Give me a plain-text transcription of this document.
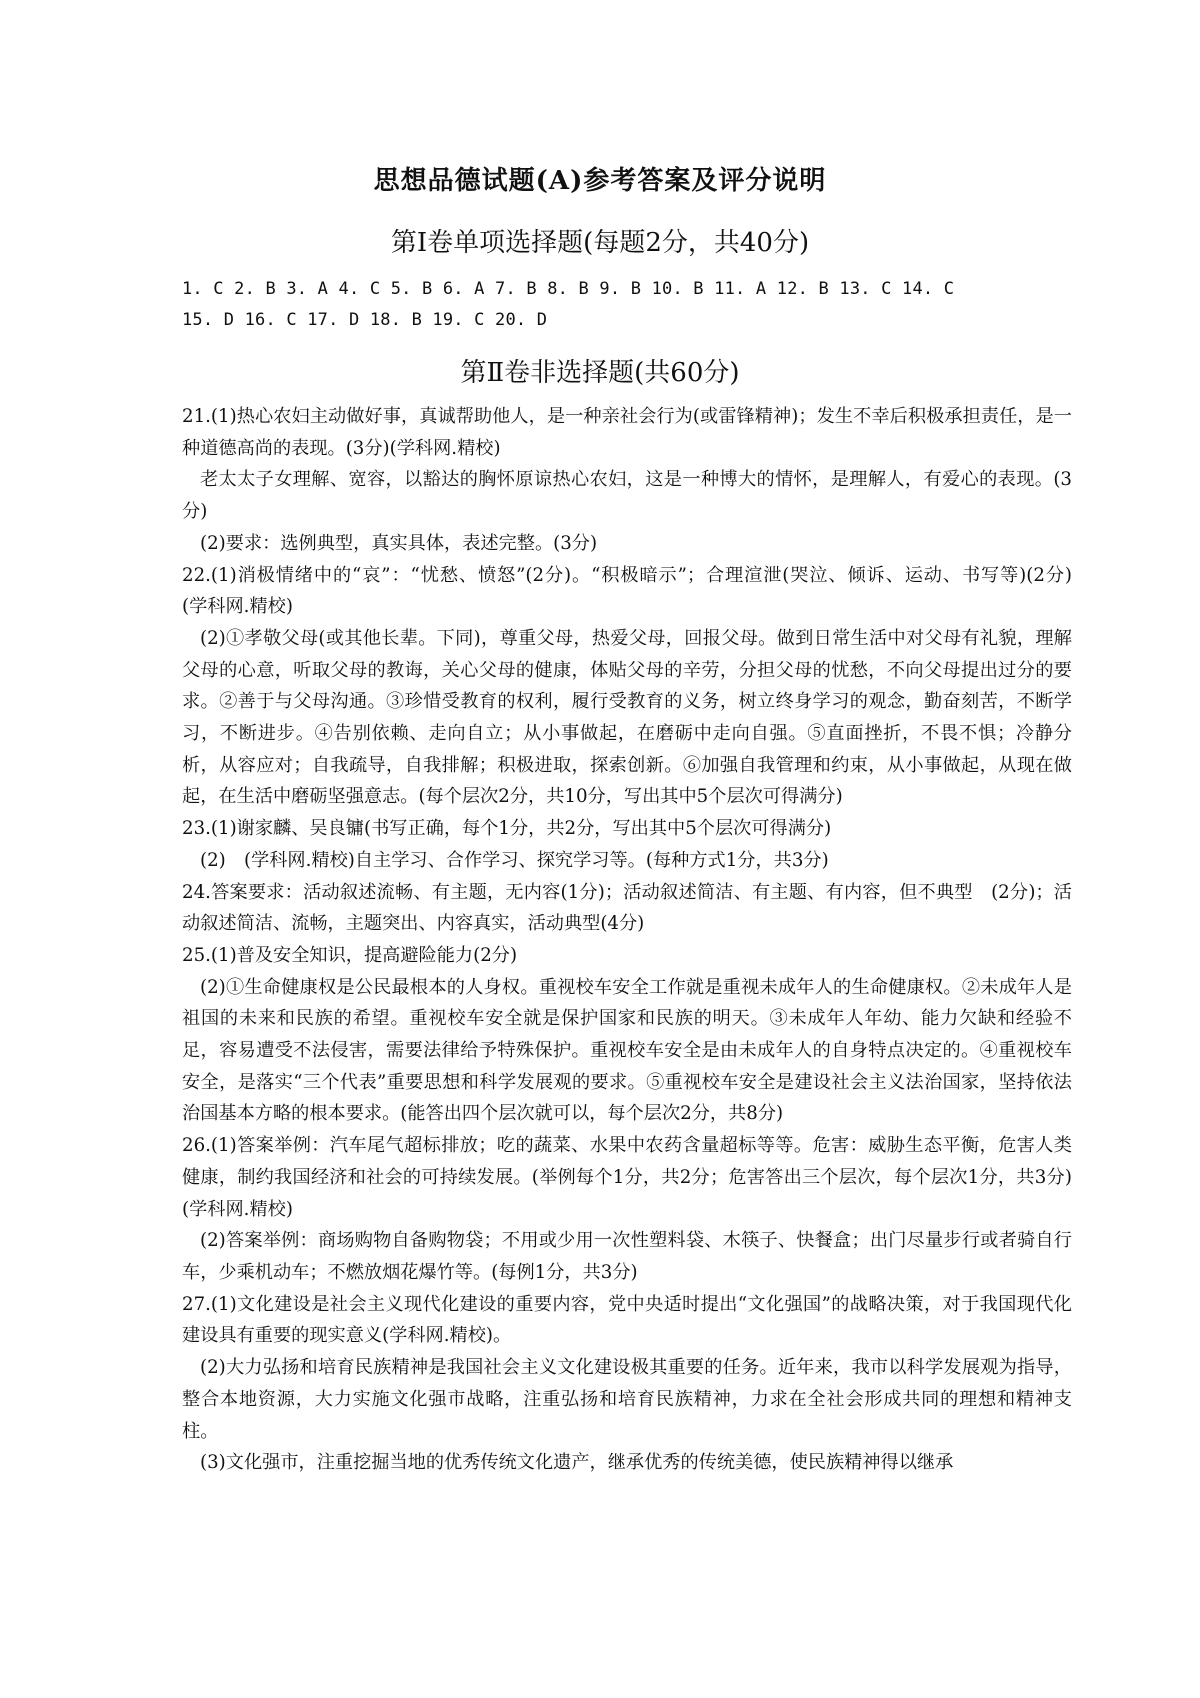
思想品德试题(A)参考答案及评分说明
第Ⅰ卷单项选择题(每题2分，共40分)
1. C 2. B 3. A 4. C 5. B 6. A 7. B 8. B 9. B 10. B 11. A 12. B 13. C 14. C
15. D 16. C 17. D 18. B 19. C 20. D
第Ⅱ卷非选择题(共60分)

21.(1)热心农妇主动做好事，真诚帮助他人，是一种亲社会行为(或雷锋精神)；发生不幸后积极承担责任，是一种道德高尚的表现。(3分)(学科网.精校)

老太太子女理解、宽容，以豁达的胸怀原谅热心农妇，这是一种博大的情怀，是理解人，有爱心的表现。(3分)

(2)要求：选例典型，真实具体，表述完整。(3分)

22.(1)消极情绪中的“哀”：“忧愁、愤怒”(2分)。“积极暗示”；合理渲泄(哭泣、倾诉、运动、书写等)(2分)　(学科网.精校)

(2)①孝敬父母(或其他长辈。下同)，尊重父母，热爱父母，回报父母。做到日常生活中对父母有礼貌，理解父母的心意，听取父母的教诲，关心父母的健康，体贴父母的辛劳，分担父母的忧愁，不向父母提出过分的要求。②善于与父母沟通。③珍惜受教育的权利，履行受教育的义务，树立终身学习的观念，勤奋刻苦，不断学习，不断进步。④告别依赖、走向自立；从小事做起，在磨砺中走向自强。⑤直面挫折，不畏不惧；冷静分析，从容应对；自我疏导，自我排解；积极进取，探索创新。⑥加强自我管理和约束，从小事做起，从现在做起，在生活中磨砺坚强意志。(每个层次2分，共10分，写出其中5个层次可得满分)

23.(1)谢家麟、吴良镛(书写正确，每个1分，共2分，写出其中5个层次可得满分)

(2)　(学科网.精校)自主学习、合作学习、探究学习等。(每种方式1分，共3分)

24.答案要求：活动叙述流畅、有主题，无内容(1分)；活动叙述简洁、有主题、有内容，但不典型　(2分)；活动叙述简洁、流畅，主题突出、内容真实，活动典型(4分)

25.(1)普及安全知识，提高避险能力(2分)

(2)①生命健康权是公民最根本的人身权。重视校车安全工作就是重视未成年人的生命健康权。②未成年人是祖国的未来和民族的希望。重视校车安全就是保护国家和民族的明天。③未成年人年幼、能力欠缺和经验不足，容易遭受不法侵害，需要法律给予特殊保护。重视校车安全是由未成年人的自身特点决定的。④重视校车安全，是落实“三个代表”重要思想和科学发展观的要求。⑤重视校车安全是建设社会主义法治国家，坚持依法治国基本方略的根本要求。(能答出四个层次就可以，每个层次2分，共8分)

26.(1)答案举例：汽车尾气超标排放；吃的蔬菜、水果中农药含量超标等等。危害：威胁生态平衡，危害人类健康，制约我国经济和社会的可持续发展。(举例每个1分，共2分；危害答出三个层次，每个层次1分，共3分)　(学科网.精校)

(2)答案举例：商场购物自备购物袋；不用或少用一次性塑料袋、木筷子、快餐盒；出门尽量步行或者骑自行车，少乘机动车；不燃放烟花爆竹等。(每例1分，共3分)

27.(1)文化建设是社会主义现代化建设的重要内容，党中央适时提出“文化强国”的战略决策，对于我国现代化建设具有重要的现实意义(学科网.精校)。

(2)大力弘扬和培育民族精神是我国社会主义文化建设极其重要的任务。近年来，我市以科学发展观为指导，整合本地资源，大力实施文化强市战略，注重弘扬和培育民族精神，力求在全社会形成共同的理想和精神支柱。

(3)文化强市，注重挖掘当地的优秀传统文化遗产，继承优秀的传统美德，使民族精神得以继承
